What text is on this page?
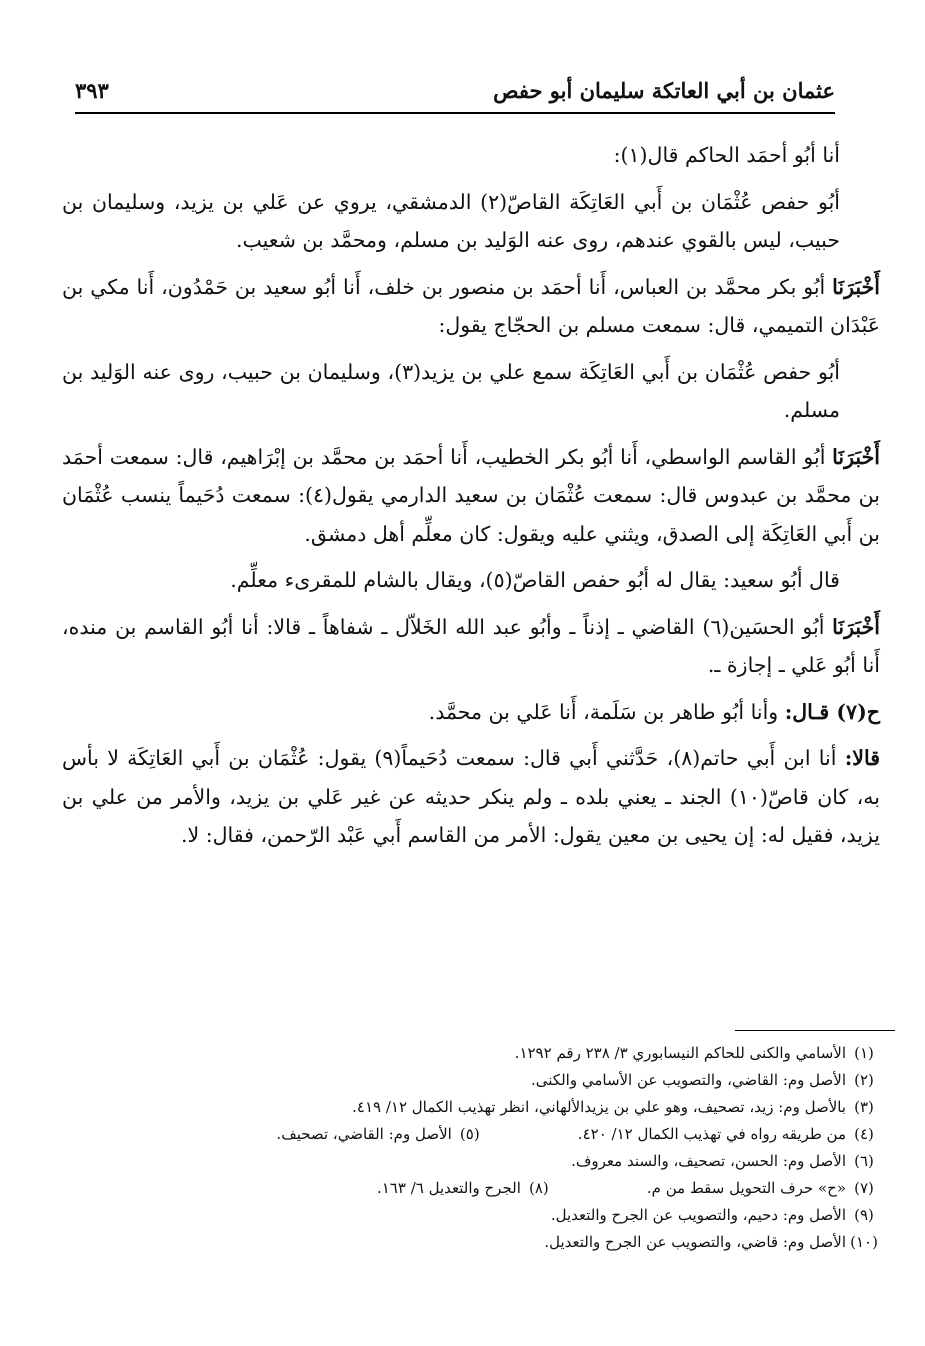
عثمان بن أبي العاتكة سليمان أبو حفص
٣٩٣

أنا أبُو أحمَد الحاكم قال(١):

أبُو حفص عُثْمَان بن أَبي العَاتِكَة القاصّ(٢) الدمشقي، يروي عن عَلي بن يزيد، وسليمان بن حبيب، ليس بالقوي عندهم، روى عنه الوَليد بن مسلم، ومحمَّد بن شعيب.

أَخْبَرَنَا أبُو بكر محمَّد بن العباس، أَنا أحمَد بن منصور بن خلف، أَنا أبُو سعيد بن حَمْدُون، أَنا مكي بن عَبْدَان التميمي، قال: سمعت مسلم بن الحجّاج يقول:

أبُو حفص عُثْمَان بن أَبي العَاتِكَة سمع علي بن يزيد(٣)، وسليمان بن حبيب، روى عنه الوَليد بن مسلم.

أَخْبَرَنَا أبُو القاسم الواسطي، أَنا أبُو بكر الخطيب، أَنا أحمَد بن محمَّد بن إبْرَاهيم، قال: سمعت أحمَد بن محمَّد بن عبدوس قال: سمعت عُثْمَان بن سعيد الدارمي يقول(٤): سمعت دُحَيماً ينسب عُثْمَان بن أَبي العَاتِكَة إلى الصدق، ويثني عليه ويقول: كان معلِّم أهل دمشق.

قال أبُو سعيد: يقال له أبُو حفص القاصّ(٥)، ويقال بالشام للمقرىء معلِّم.

أَخْبَرَنَا أبُو الحسَين(٦) القاضي ـ إذناً ـ وأبُو عبد الله الخَلاّل ـ شفاهاً ـ قالا: أنا أبُو القاسم بن منده، أَنا أبُو عَلي ـ إجازة ـ.

ح(٧) قـال: وأنا أبُو طاهر بن سَلَمة، أَنا عَلي بن محمَّد.

قالا: أنا ابن أَبي حاتم(٨)، حَدَّثني أَبي قال: سمعت دُحَيماً(٩) يقول: عُثْمَان بن أَبي العَاتِكَة لا بأس به، كان قاصّ(١٠) الجند ـ يعني بلده ـ ولم ينكر حديثه عن غير عَلي بن يزيد، والأمر من علي بن يزيد، فقيل له: إن يحيى بن معين يقول: الأمر من القاسم أَبي عَبْد الرّحمن، فقال: لا.

(١)الأسامي والكنى للحاكم النيسابوري ٣/ ٢٣٨ رقم ١٢٩٢.
(٢)الأصل وم: القاضي، والتصويب عن الأسامي والكنى.
(٣)بالأصل وم: زيد، تصحيف، وهو علي بن يزيدالألهاني، انظر تهذيب الكمال ١٢/ ٤١٩.
(٤)من طريقه رواه في تهذيب الكمال ١٢/ ٤٢٠.(٥)الأصل وم: القاضي، تصحيف.
(٦)الأصل وم: الحسن، تصحيف، والسند معروف.
(٧)«ح» حرف التحويل سقط من م.(٨)الجرح والتعديل ٦/ ١٦٣.
(٩)الأصل وم: دحيم، والتصويب عن الجرح والتعديل.
(١٠)الأصل وم: قاضي، والتصويب عن الجرح والتعديل.
